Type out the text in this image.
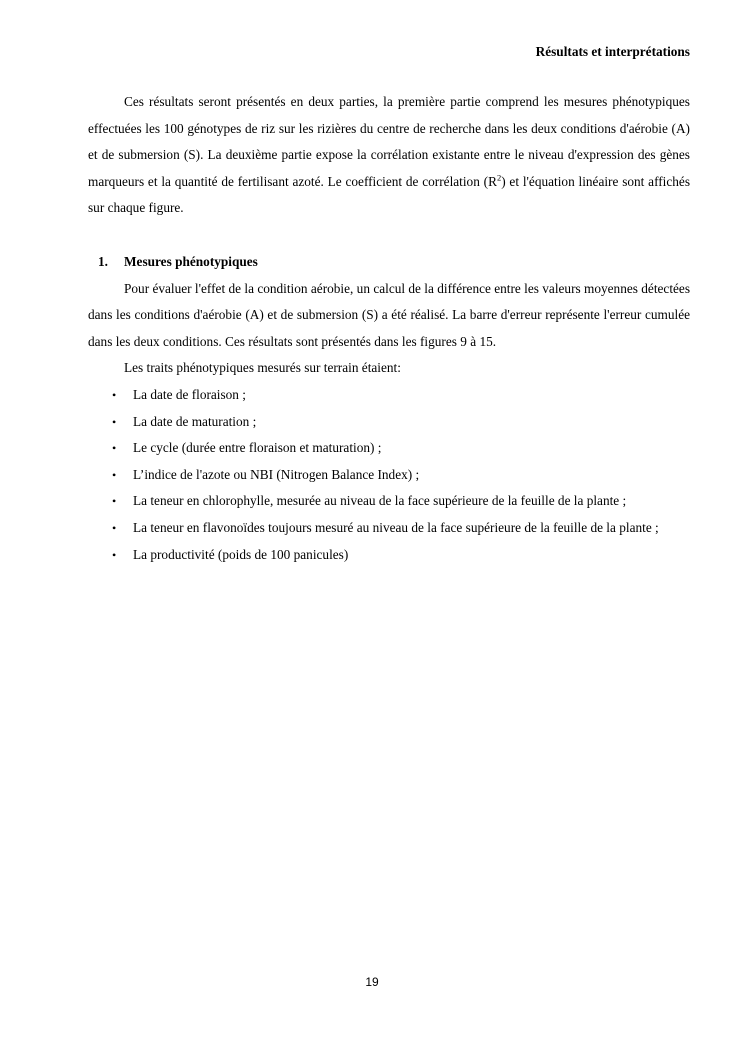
Résultats et interprétations

Ces résultats seront présentés en deux parties, la première partie comprend les mesures phénotypiques effectuées les 100 génotypes de riz sur les rizières du centre de recherche dans les deux conditions d'aérobie (A) et de submersion (S). La deuxième partie expose la corrélation existante entre le niveau d'expression des gènes marqueurs et la quantité de fertilisant azoté. Le coefficient de corrélation $(R^2)$ et l'équation linéaire sont affichés sur chaque figure.

1. Mesures phénotypiques

Pour évaluer l'effet de la condition aérobie, un calcul de la différence entre les valeurs moyennes détectées dans les conditions d'aérobie (A) et de submersion (S) a été réalisé. La barre d'erreur représente l'erreur cumulée dans les deux conditions. Ces résultats sont présentés dans les figures 9 à 15.

Les traits phénotypiques mesurés sur terrain étaient:

• La date de floraison ;
• La date de maturation ;
• Le cycle (durée entre floraison et maturation) ;
• L’indice de l'azote ou NBI (Nitrogen Balance Index) ;
• La teneur en chlorophylle, mesurée au niveau de la face supérieure de la feuille de la plante ;
• La teneur en flavonoïdes toujours mesuré au niveau de la face supérieure de la feuille de la plante ;
• La productivité (poids de 100 panicules)
19
